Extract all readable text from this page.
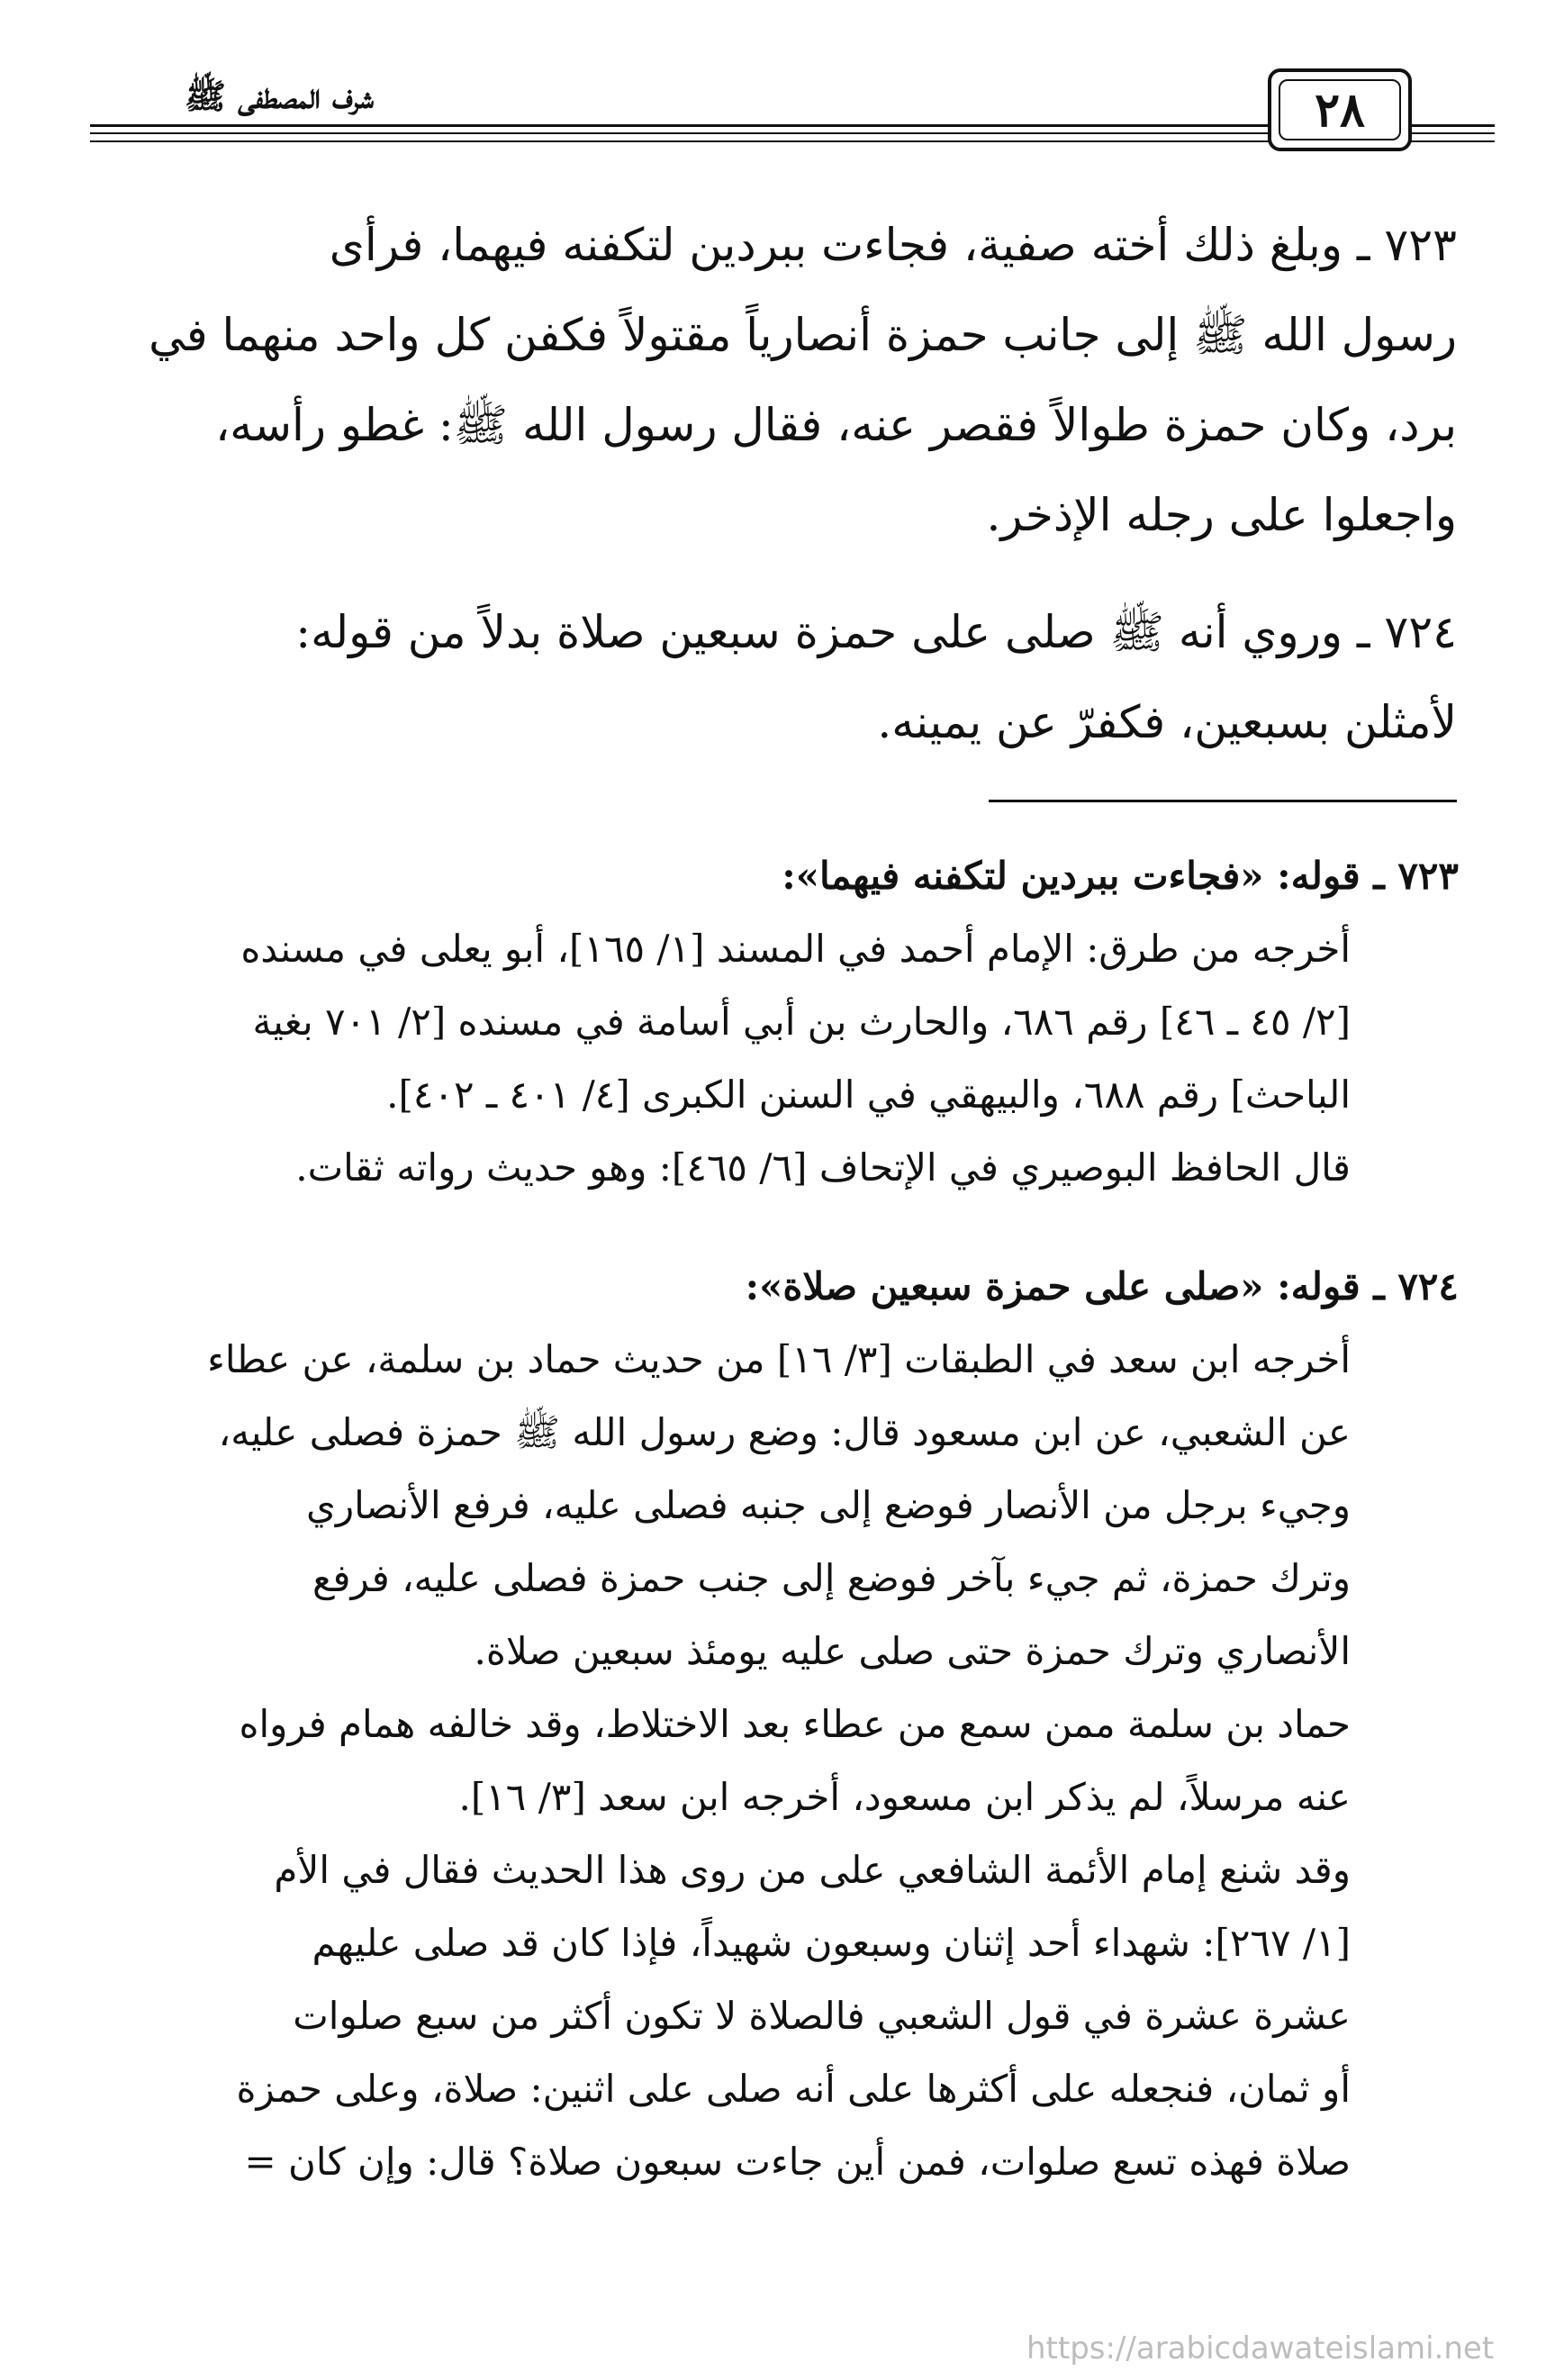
شرف المصطفى ﷺ	٢٨
٧٢٣ ـ وبلغ ذلك أخته صفية، فجاءت ببردين لتكفنه فيهما، فرأى
رسول الله ﷺ إلى جانب حمزة أنصارياً مقتولاً فكفن كل واحد منهما في
برد، وكان حمزة طوالاً فقصر عنه، فقال رسول الله ﷺ: غطو رأسه،
واجعلوا على رجله الإذخر.
٧٢٤ ـ وروي أنه ﷺ صلى على حمزة سبعين صلاة بدلاً من قوله:
لأمثلن بسبعين، فكفرّ عن يمينه.
٧٢٣ ـ قوله: «فجاءت ببردين لتكفنه فيهما»:
أخرجه من طرق: الإمام أحمد في المسند [١/ ١٦٥]، أبو يعلى في مسنده
[٢/ ٤٥ ـ ٤٦] رقم ٦٨٦، والحارث بن أبي أسامة في مسنده [٢/ ٧٠١ بغية
الباحث] رقم ٦٨٨، والبيهقي في السنن الكبرى [٤/ ٤٠١ ـ ٤٠٢].
قال الحافظ البوصيري في الإتحاف [٦/ ٤٦٥]: وهو حديث رواته ثقات.
٧٢٤ ـ قوله: «صلى على حمزة سبعين صلاة»:
أخرجه ابن سعد في الطبقات [٣/ ١٦] من حديث حماد بن سلمة، عن عطاء
عن الشعبي، عن ابن مسعود قال: وضع رسول الله ﷺ حمزة فصلى عليه،
وجيء برجل من الأنصار فوضع إلى جنبه فصلى عليه، فرفع الأنصاري
وترك حمزة، ثم جيء بآخر فوضع إلى جنب حمزة فصلى عليه، فرفع
الأنصاري وترك حمزة حتى صلى عليه يومئذ سبعين صلاة.
حماد بن سلمة ممن سمع من عطاء بعد الاختلاط، وقد خالفه همام فرواه
عنه مرسلاً، لم يذكر ابن مسعود، أخرجه ابن سعد [٣/ ١٦].
وقد شنع إمام الأئمة الشافعي على من روى هذا الحديث فقال في الأم
[١/ ٢٦٧]: شهداء أحد إثنان وسبعون شهيداً، فإذا كان قد صلى عليهم
عشرة عشرة في قول الشعبي فالصلاة لا تكون أكثر من سبع صلوات
أو ثمان، فنجعله على أكثرها على أنه صلى على اثنين: صلاة، وعلى حمزة
صلاة فهذه تسع صلوات، فمن أين جاءت سبعون صلاة؟ قال: وإن كان =
https://arabicdawateislami.net
